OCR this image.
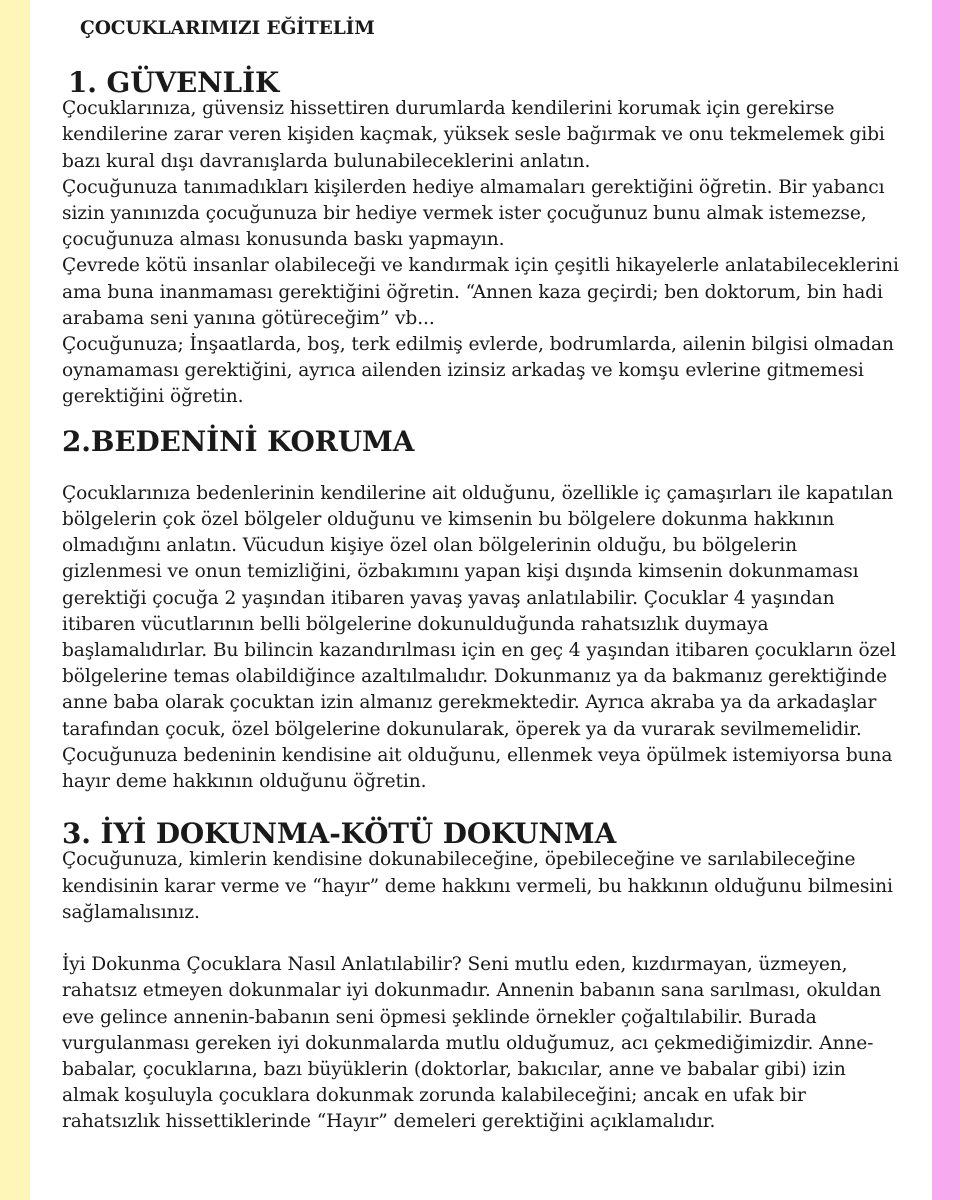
ÇOCUKLARIMIZI EĞİTELİM
1. GÜVENLİK

Çocuklarınıza, güvensiz hissettiren durumlarda kendilerini korumak için gerekirse kendilerine zarar veren kişiden kaçmak, yüksek sesle bağırmak ve onu tekmelemek gibi bazı kural dışı davranışlarda bulunabileceklerini anlatın.

Çocuğunuza tanımadıkları kişilerden hediye almamaları gerektiğini öğretin. Bir yabancı sizin yanınızda çocuğunuza bir hediye vermek ister çocuğunuz bunu almak istemezse, çocuğunuza alması konusunda baskı yapmayın.

Çevrede kötü insanlar olabileceği ve kandırmak için çeşitli hikayelerle anlatabileceklerini ama buna inanmaması gerektiğini öğretin. “Annen kaza geçirdi; ben doktorum, bin hadi arabama seni yanına götüreceğim” vb...

Çocuğunuza; İnşaatlarda, boş, terk edilmiş evlerde, bodrumlarda, ailenin bilgisi olmadan oynamaması gerektiğini, ayrıca ailenden izinsiz arkadaş ve komşu evlerine gitmemesi gerektiğini öğretin.

2.BEDENİNİ KORUMA

Çocuklarınıza bedenlerinin kendilerine ait olduğunu, özellikle iç çamaşırları ile kapatılan bölgelerin çok özel bölgeler olduğunu ve kimsenin bu bölgelere dokunma hakkının olmadığını anlatın. Vücudun kişiye özel olan bölgelerinin olduğu, bu bölgelerin gizlenmesi ve onun temizliğini, özbakımını yapan kişi dışında kimsenin dokunmaması gerektiği çocuğa 2 yaşından itibaren yavaş yavaş anlatılabilir. Çocuklar 4 yaşından itibaren vücutlarının belli bölgelerine dokunulduğunda rahatsızlık duymaya başlamalıdırlar. Bu bilincin kazandırılması için en geç 4 yaşından itibaren çocukların özel bölgelerine temas olabildiğince azaltılmalıdır. Dokunmanız ya da bakmanız gerektiğinde anne baba olarak çocuktan izin almanız gerekmektedir. Ayrıca akraba ya da arkadaşlar tarafından çocuk, özel bölgelerine dokunularak, öperek ya da vurarak sevilmemelidir. Çocuğunuza bedeninin kendisine ait olduğunu, ellenmek veya öpülmek istemiyorsa buna hayır deme hakkının olduğunu öğretin.

3. İYİ DOKUNMA-KÖTÜ DOKUNMA

Çocuğunuza, kimlerin kendisine dokunabileceğine, öpebileceğine ve sarılabileceğine kendisinin karar verme ve “hayır” deme hakkını vermeli, bu hakkının olduğunu bilmesini sağlamalısınız.

İyi Dokunma Çocuklara Nasıl Anlatılabilir? Seni mutlu eden, kızdırmayan, üzmeyen, rahatsız etmeyen dokunmalar iyi dokunmadır. Annenin babanın sana sarılması, okuldan eve gelince annenin-babanın seni öpmesi şeklinde örnekler çoğaltılabilir. Burada vurgulanması gereken iyi dokunmalarda mutlu olduğumuz, acı çekmediğimizdir. Anne-babalar, çocuklarına, bazı büyüklerin (doktorlar, bakıcılar, anne ve babalar gibi) izin almak koşuluyla çocuklara dokunmak zorunda kalabileceğini; ancak en ufak bir rahatsızlık hissettiklerinde “Hayır” demeleri gerektiğini açıklamalıdır.
